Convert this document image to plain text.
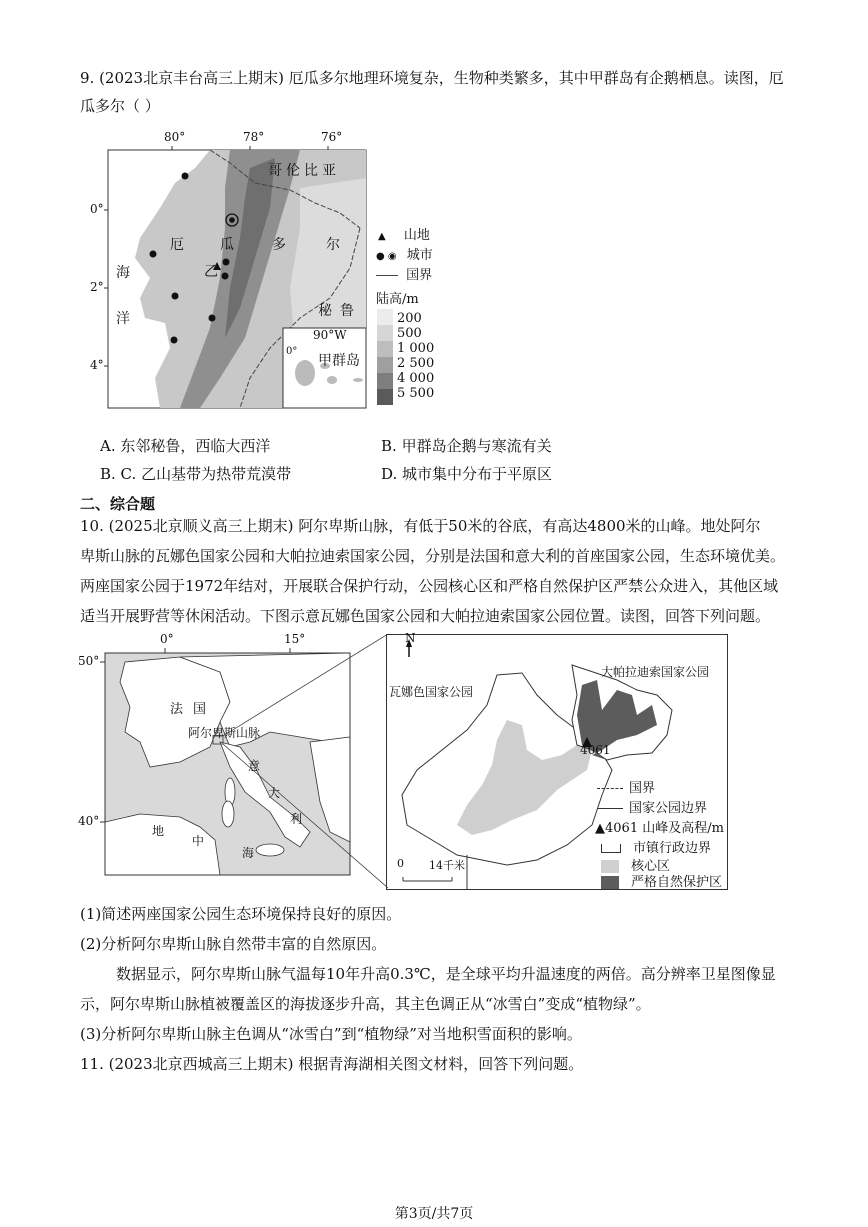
9. (2023北京丰台高三上期末) 厄瓜多尔地理环境复杂，生物种类繁多，其中甲群岛有企鹅栖息。读图，厄
瓜多尔（ ）
80°	78°	76°
0°
2°
4°
哥伦比亚
厄	瓜	多	尔
海
洋	秘鲁
乙
90°W
0°
甲群岛
▲ 山地
● ◉ 城市
国界
陆高/m
200
500
1 000
2 500
4 000
5 500
A. 东邻秘鲁，西临大西洋	B. 甲群岛企鹅与寒流有关
B. C. 乙山基带为热带荒漠带	D. 城市集中分布于平原区
二、综合题
10. (2025北京顺义高三上期末) 阿尔卑斯山脉，有低于50米的谷底，有高达4800米的山峰。地处阿尔
卑斯山脉的瓦娜色国家公园和大帕拉迪索国家公园，分别是法国和意大利的首座国家公园，生态环境优美。
两座国家公园于1972年结对，开展联合保护行动，公园核心区和严格自然保护区严禁公众进入，其他区域
适当开展野营等休闲活动。下图示意瓦娜色国家公园和大帕拉迪索国家公园位置。读图，回答下列问题。
0°	15°
50°
40°
法国
阿尔卑斯山脉
意
大
利
地
中
海
N
瓦娜色国家公园
大帕拉迪索国家公园
4061
0 14千米
国界
国家公园边界
▲4061 山峰及高程/m
市镇行政边界
核心区
严格自然保护区
(1)简述两座国家公园生态环境保持良好的原因。
(2)分析阿尔卑斯山脉自然带丰富的自然原因。
数据显示，阿尔卑斯山脉气温每10年升高0.3℃，是全球平均升温速度的两倍。高分辨率卫星图像显
示，阿尔卑斯山脉植被覆盖区的海拔逐步升高，其主色调正从“冰雪白”变成“植物绿”。
(3)分析阿尔卑斯山脉主色调从“冰雪白”到“植物绿”对当地积雪面积的影响。
11. (2023北京西城高三上期末) 根据青海湖相关图文材料，回答下列问题。
第3页/共7页
